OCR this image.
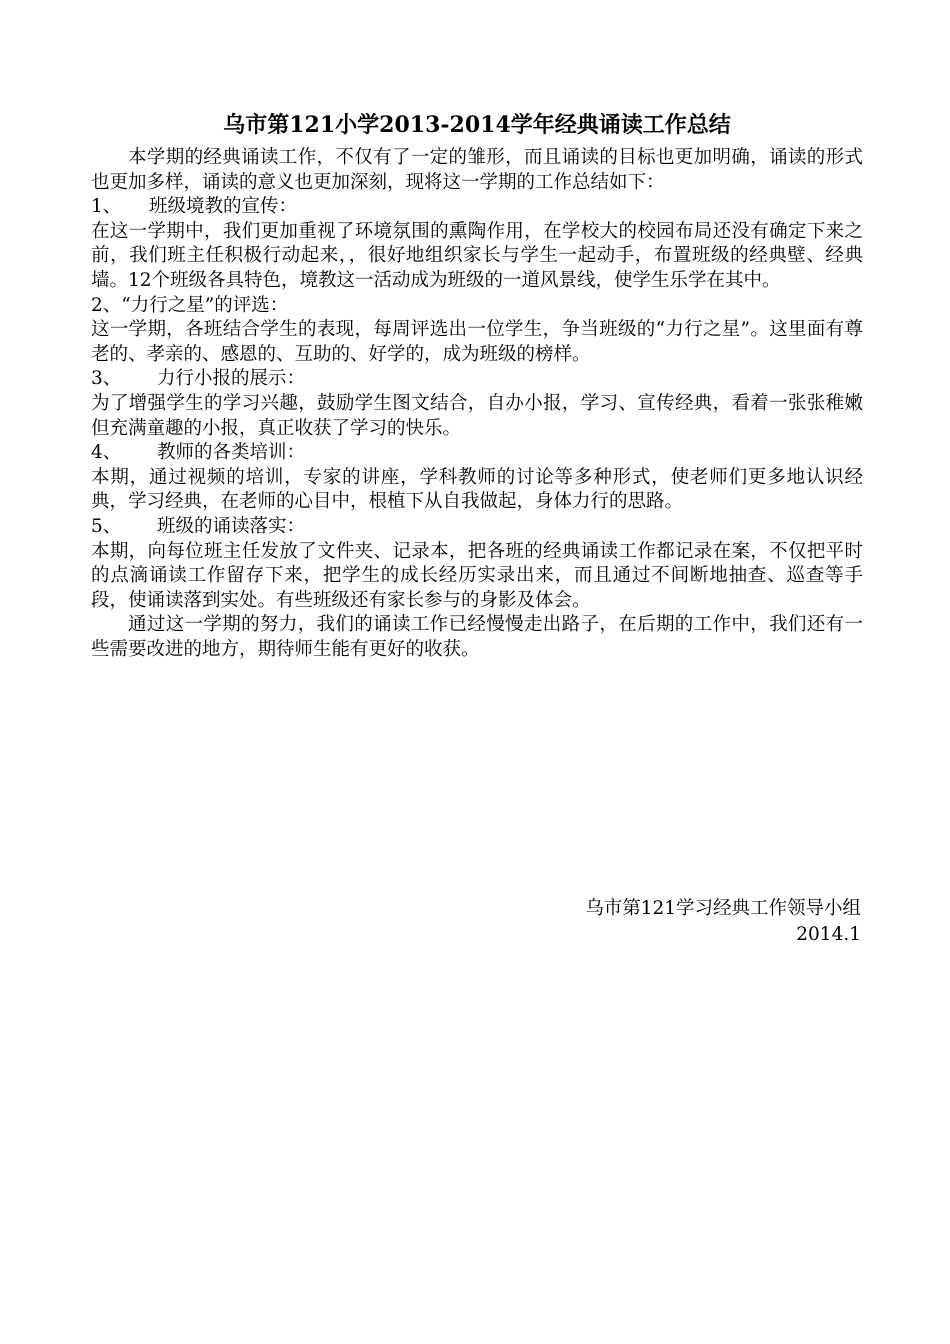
乌市第121小学2013-2014学年经典诵读工作总结

本学期的经典诵读工作，不仅有了一定的雏形，而且诵读的目标也更加明确，诵读的形式也更加多样，诵读的意义也更加深刻，现将这一学期的工作总结如下：

1、 班级境教的宣传：

在这一学期中，我们更加重视了环境氛围的熏陶作用，在学校大的校园布局还没有确定下来之前，我们班主任积极行动起来，，很好地组织家长与学生一起动手，布置班级的经典壁、经典墙。12个班级各具特色，境教这一活动成为班级的一道风景线，使学生乐学在其中。

2、“力行之星”的评选：

这一学期，各班结合学生的表现，每周评选出一位学生，争当班级的“力行之星”。这里面有尊老的、孝亲的、感恩的、互助的、好学的，成为班级的榜样。

3、 力行小报的展示：

为了增强学生的学习兴趣，鼓励学生图文结合，自办小报，学习、宣传经典，看着一张张稚嫩但充满童趣的小报，真正收获了学习的快乐。

4、 教师的各类培训：

本期，通过视频的培训，专家的讲座，学科教师的讨论等多种形式，使老师们更多地认识经典，学习经典，在老师的心目中，根植下从自我做起，身体力行的思路。

5、 班级的诵读落实：

本期，向每位班主任发放了文件夹、记录本，把各班的经典诵读工作都记录在案，不仅把平时的点滴诵读工作留存下来，把学生的成长经历实录出来，而且通过不间断地抽查、巡查等手段，使诵读落到实处。有些班级还有家长参与的身影及体会。

通过这一学期的努力，我们的诵读工作已经慢慢走出路子，在后期的工作中，我们还有一些需要改进的地方，期待师生能有更好的收获。

乌市第121学习经典工作领导小组
2014.1
